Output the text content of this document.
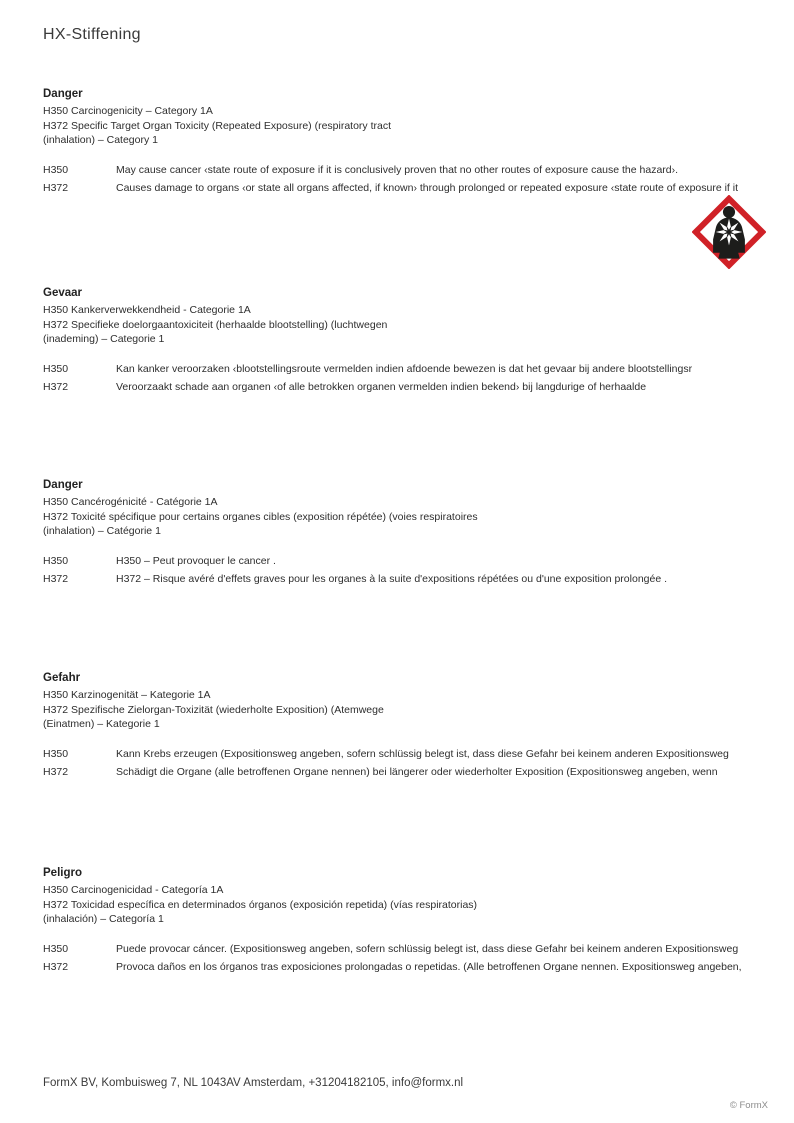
HX-Stiffening
Danger
H350 Carcinogenicity – Category 1A
H372 Specific Target Organ Toxicity (Repeated Exposure) (respiratory tract
(inhalation) – Category 1
H350	May cause cancer ‹state route of exposure if it is conclusively proven that no other routes of exposure cause the hazard›.
H372	Causes damage to organs ‹or state all organs affected, if known› through prolonged or repeated exposure ‹state route of exposure if it
Gevaar
H350 Kankerverwekkendheid - Categorie 1A
H372 Specifieke doelorgaantoxiciteit (herhaalde blootstelling) (luchtwegen
(inademing) – Categorie 1
H350	Kan kanker veroorzaken ‹blootstellingsroute vermelden indien afdoende bewezen is dat het gevaar bij andere blootstellingsr
H372	Veroorzaakt schade aan organen ‹of alle betrokken organen vermelden indien bekend› bij langdurige of herhaalde
Danger
H350 Cancérogénicité - Catégorie 1A
H372 Toxicité spécifique pour certains organes cibles (exposition répétée) (voies respiratoires
(inhalation) – Catégorie 1
H350	H350 – Peut provoquer le cancer .
H372	H372 – Risque avéré d'effets graves pour les organes à la suite d'expositions répétées ou d'une exposition prolongée .
Gefahr
H350 Karzinogenität – Kategorie 1A
H372 Spezifische Zielorgan-Toxizität (wiederholte Exposition) (Atemwege
(Einatmen) – Kategorie 1
H350	Kann Krebs erzeugen (Expositionsweg angeben, sofern schlüssig belegt ist, dass diese Gefahr bei keinem anderen Expositionsweg
H372	Schädigt die Organe (alle betroffenen Organe nennen) bei längerer oder wiederholter Exposition (Expositionsweg angeben, wenn
Peligro
H350 Carcinogenicidad - Categoría 1A
H372 Toxicidad específica en determinados órganos (exposición repetida) (vías respiratorias)
(inhalación) – Categoría 1
H350	Puede provocar cáncer. (Expositionsweg angeben, sofern schlüssig belegt ist, dass diese Gefahr bei keinem anderen Expositionsweg
H372	Provoca daños en los órganos tras exposiciones prolongadas o repetidas. (Alle betroffenen Organe nennen. Expositionsweg angeben,
FormX BV, Kombuisweg 7, NL 1043AV Amsterdam, +31204182105, info@formx.nl
© FormX
